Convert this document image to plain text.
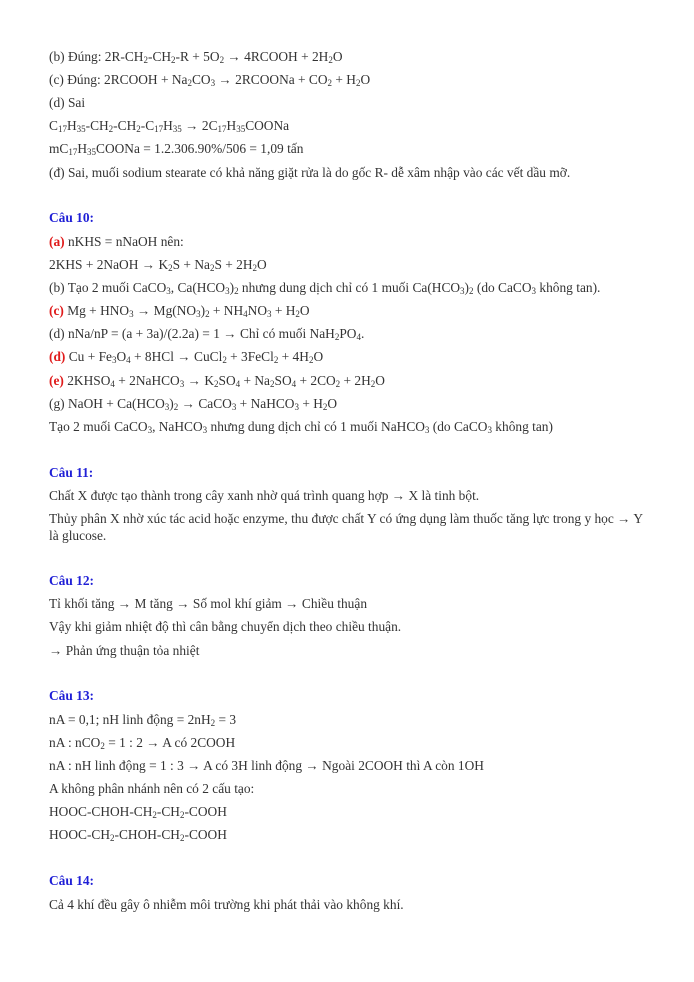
(b) Đúng: $2R-CH_2-CH_2-R + 5O_2$ → 4RCOOH + $2H_2O$
(c) Đúng: 2RCOOH + $Na_2CO_3$ → 2RCOONa + $CO_2 + H_2O$
(d) Sai
$C_{17}H_{35}-CH_2-CH_2-C_{17}H_{35}$ → $2C_{17}H_{35}COONa$
$mC_{17}H_{35}COONa = 1.2.306.90\%/506 = 1,09$ tấn
(đ) Sai, muối sodium stearate có khả năng giặt rửa là do gốc R- dễ xâm nhập vào các vết dầu mỡ.
Câu 10:
(a) nKHS = nNaOH nên:
2KHS + 2NaOH → $K_2S + Na_2S + 2H_2O$
(b) Tạo 2 muối CaCO$_3$, $Ca(HCO_3)_2$ nhưng dung dịch chỉ có 1 muối $Ca(HCO_3)_2$ (do CaCO$_3$ không tan).
(c) $Mg + HNO_3 \to Mg(NO_3)_2 + NH_4NO_3 + H_2O$
(d) nNa/nP = (a + 3a)/(2.2a) = 1 → Chỉ có muối $NaH_2PO_4$.
(d) $Cu + Fe_3O_4 + 8HCl$ → CuCl$_2$ + 3FeCl$_2$ + $4H_2O$
(e) $2KHSO_4$ + 2NaHCO$_3$ → $K_2SO_4 + Na_2SO_4 + 2CO_2 + 2H_2O$
(g) NaOH + $Ca(HCO_3)_2$ → CaCO$_3$ + NaHCO$_3$ + $H_2O$
Tạo 2 muối CaCO$_3$, NaHCO$_3$ nhưng dung dịch chỉ có 1 muối NaHCO$_3$ (do CaCO$_3$ không tan)
Câu 11:
Chất X được tạo thành trong cây xanh nhờ quá trình quang hợp → X là tinh bột.
Thủy phân X nhờ xúc tác acid hoặc enzyme, thu được chất Y có ứng dụng làm thuốc tăng lực trong y học → Y là glucose.
Câu 12:
Tỉ khối tăng → M tăng → Số mol khí giảm → Chiều thuận
Vậy khi giảm nhiệt độ thì cân bằng chuyển dịch theo chiều thuận.
→ Phản ứng thuận tỏa nhiệt
Câu 13:
nA = 0,1; nH linh động = $2nH_2 = 3$
nA : nCO$_2$ = 1 : 2 → A có 2COOH
nA : nH linh động = 1 : 3 → A có 3H linh động → Ngoài 2COOH thì A còn 1OH
A không phân nhánh nên có 2 cấu tạo:
HOOC-$CHOH-CH_2-CH_2$-COOH
HOOC-$CH_2-CHOH-CH_2$-COOH
Câu 14:
Cả 4 khí đều gây ô nhiễm môi trường khi phát thải vào không khí.
